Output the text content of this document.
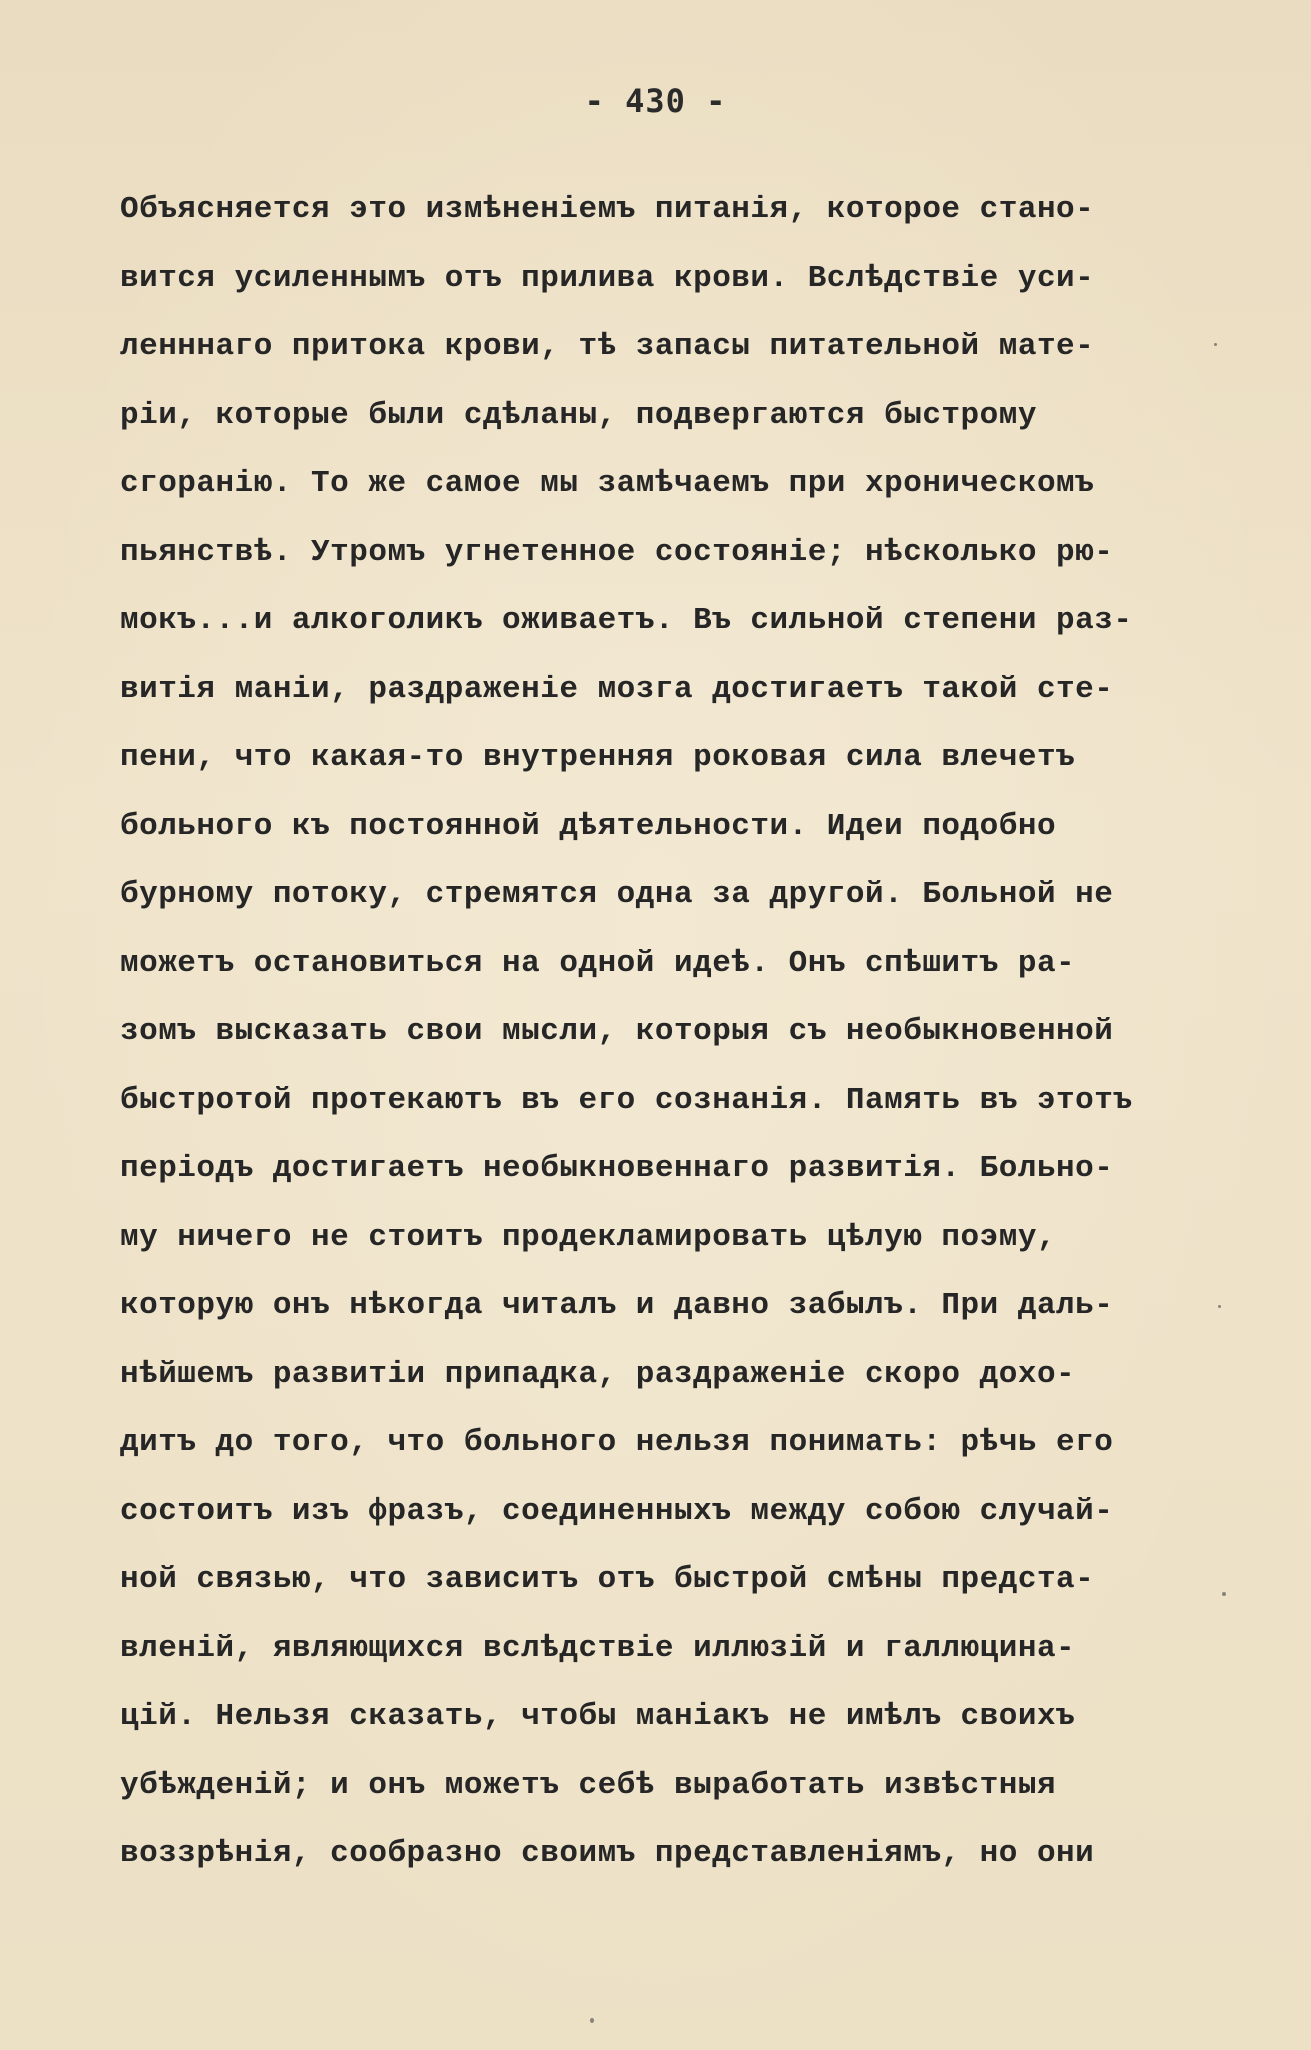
- 430 -
Объясняется это измѣненіемъ питанія, которое стано-
вится усиленнымъ отъ прилива крови. Вслѣдствіе уси-
ленннаго притока крови, тѣ запасы питательной мате-
ріи, которые были сдѣланы, подвергаются быстрому
сгоранію. То же самое мы замѣчаемъ при хроническомъ
пьянствѣ. Утромъ угнетенное состояніе; нѣсколько рю-
мокъ...и алкоголикъ оживаетъ. Въ сильной степени раз-
витія маніи, раздраженіе мозга достигаетъ такой сте-
пени, что какая-то внутренняя роковая сила влечетъ
больного къ постоянной дѣятельности. Идеи подобно
бурному потоку, стремятся одна за другой. Больной не
можетъ остановиться на одной идеѣ. Онъ спѣшитъ ра-
зомъ высказать свои мысли, которыя съ необыкновенной
быстротой протекаютъ въ его сознанія. Память въ этотъ
періодъ достигаетъ необыкновеннаго развитія. Больно-
му ничего не стоитъ продекламировать цѣлую поэму,
которую онъ нѣкогда читалъ и давно забылъ. При даль-
нѣйшемъ развитіи припадка, раздраженіе скоро дохо-
дитъ до того, что больного нельзя понимать: рѣчь его
состоитъ изъ фразъ, соединенныхъ между собою случай-
ной связью, что зависитъ отъ быстрой смѣны предста-
вленій, являющихся вслѣдствіе иллюзій и галлюцина-
цій. Нельзя сказать, чтобы маніакъ не имѣлъ своихъ
убѣжденій; и онъ можетъ себѣ выработать извѣстныя
воззрѣнія, сообразно своимъ представленіямъ, но они
